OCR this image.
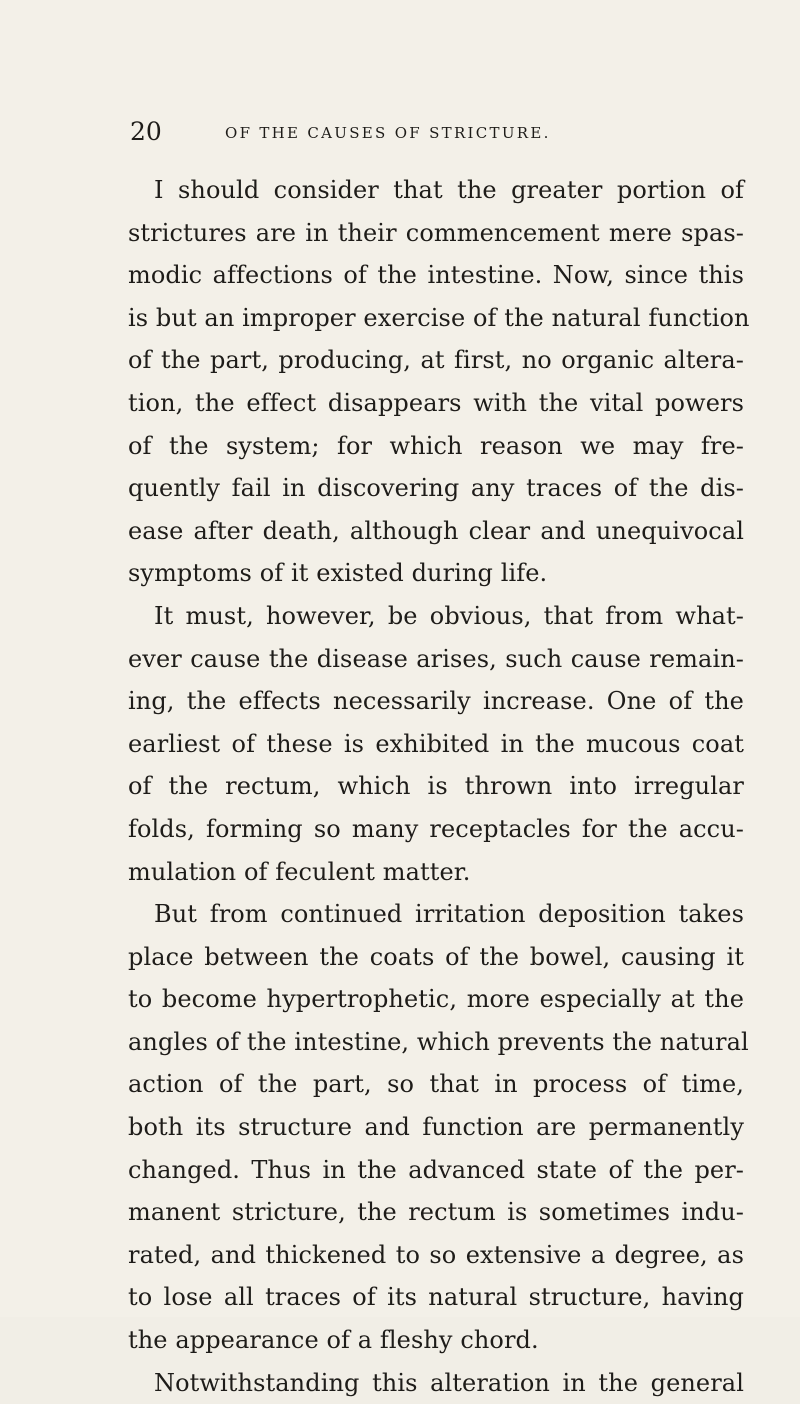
20	OF THE CAUSES OF STRICTURE.
I should consider that the greater portion of
strictures are in their commencement mere spas-
modic affections of the intestine. Now, since this
is but an improper exercise of the natural function
of the part, producing, at first, no organic altera-
tion, the effect disappears with the vital powers
of the system; for which reason we may fre-
quently fail in discovering any traces of the dis-
ease after death, although clear and unequivocal
symptoms of it existed during life.
It must, however, be obvious, that from what-
ever cause the disease arises, such cause remain-
ing, the effects necessarily increase. One of the
earliest of these is exhibited in the mucous coat
of the rectum, which is thrown into irregular
folds, forming so many receptacles for the accu-
mulation of feculent matter.
But from continued irritation deposition takes
place between the coats of the bowel, causing it
to become hypertrophetic, more especially at the
angles of the intestine, which prevents the natural
action of the part, so that in process of time,
both its structure and function are permanently
changed. Thus in the advanced state of the per-
manent stricture, the rectum is sometimes indu-
rated, and thickened to so extensive a degree, as
to lose all traces of its natural structure, having
the appearance of a fleshy chord.
Notwithstanding this alteration in the general
